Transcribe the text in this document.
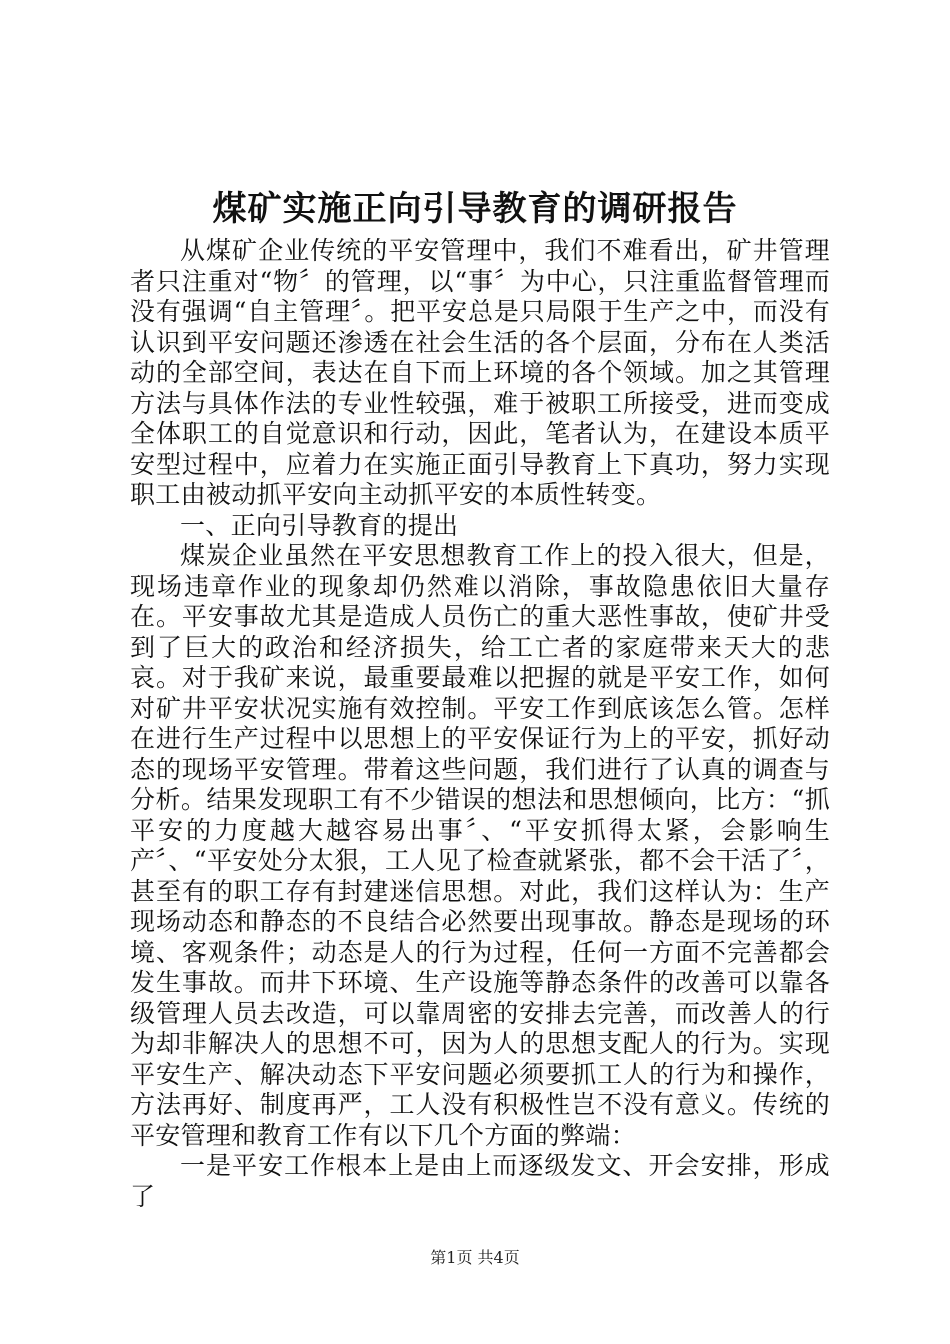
煤矿实施正向引导教育的调研报告

从煤矿企业传统的平安管理中，我们不难看出，矿井管理者只注重对“物〞的管理，以“事〞为中心，只注重监督管理而没有强调“自主管理〞。把平安总是只局限于生产之中，而没有认识到平安问题还渗透在社会生活的各个层面，分布在人类活动的全部空间，表达在自下而上环境的各个领域。加之其管理方法与具体作法的专业性较强，难于被职工所接受，进而变成全体职工的自觉意识和行动，因此，笔者认为，在建设本质平安型过程中，应着力在实施正面引导教育上下真功，努力实现职工由被动抓平安向主动抓平安的本质性转变。

一、正向引导教育的提出

煤炭企业虽然在平安思想教育工作上的投入很大，但是，现场违章作业的现象却仍然难以消除，事故隐患依旧大量存在。平安事故尤其是造成人员伤亡的重大恶性事故，使矿井受到了巨大的政治和经济损失，给工亡者的家庭带来天大的悲哀。对于我矿来说，最重要最难以把握的就是平安工作，如何对矿井平安状况实施有效控制。平安工作到底该怎么管。怎样在进行生产过程中以思想上的平安保证行为上的平安，抓好动态的现场平安管理。带着这些问题，我们进行了认真的调查与分析。结果发现职工有不少错误的想法和思想倾向，比方：“抓平安的力度越大越容易出事〞、“平安抓得太紧，会影响生产〞、“平安处分太狠，工人见了检查就紧张，都不会干活了〞，甚至有的职工存有封建迷信思想。对此，我们这样认为：生产现场动态和静态的不良结合必然要出现事故。静态是现场的环境、客观条件；动态是人的行为过程，任何一方面不完善都会发生事故。而井下环境、生产设施等静态条件的改善可以靠各级管理人员去改造，可以靠周密的安排去完善，而改善人的行为却非解决人的思想不可，因为人的思想支配人的行为。实现平安生产、解决动态下平安问题必须要抓工人的行为和操作，方法再好、制度再严，工人没有积极性岂不没有意义。传统的平安管理和教育工作有以下几个方面的弊端：

一是平安工作根本上是由上而逐级发文、开会安排，形成了

第1页 共4页
